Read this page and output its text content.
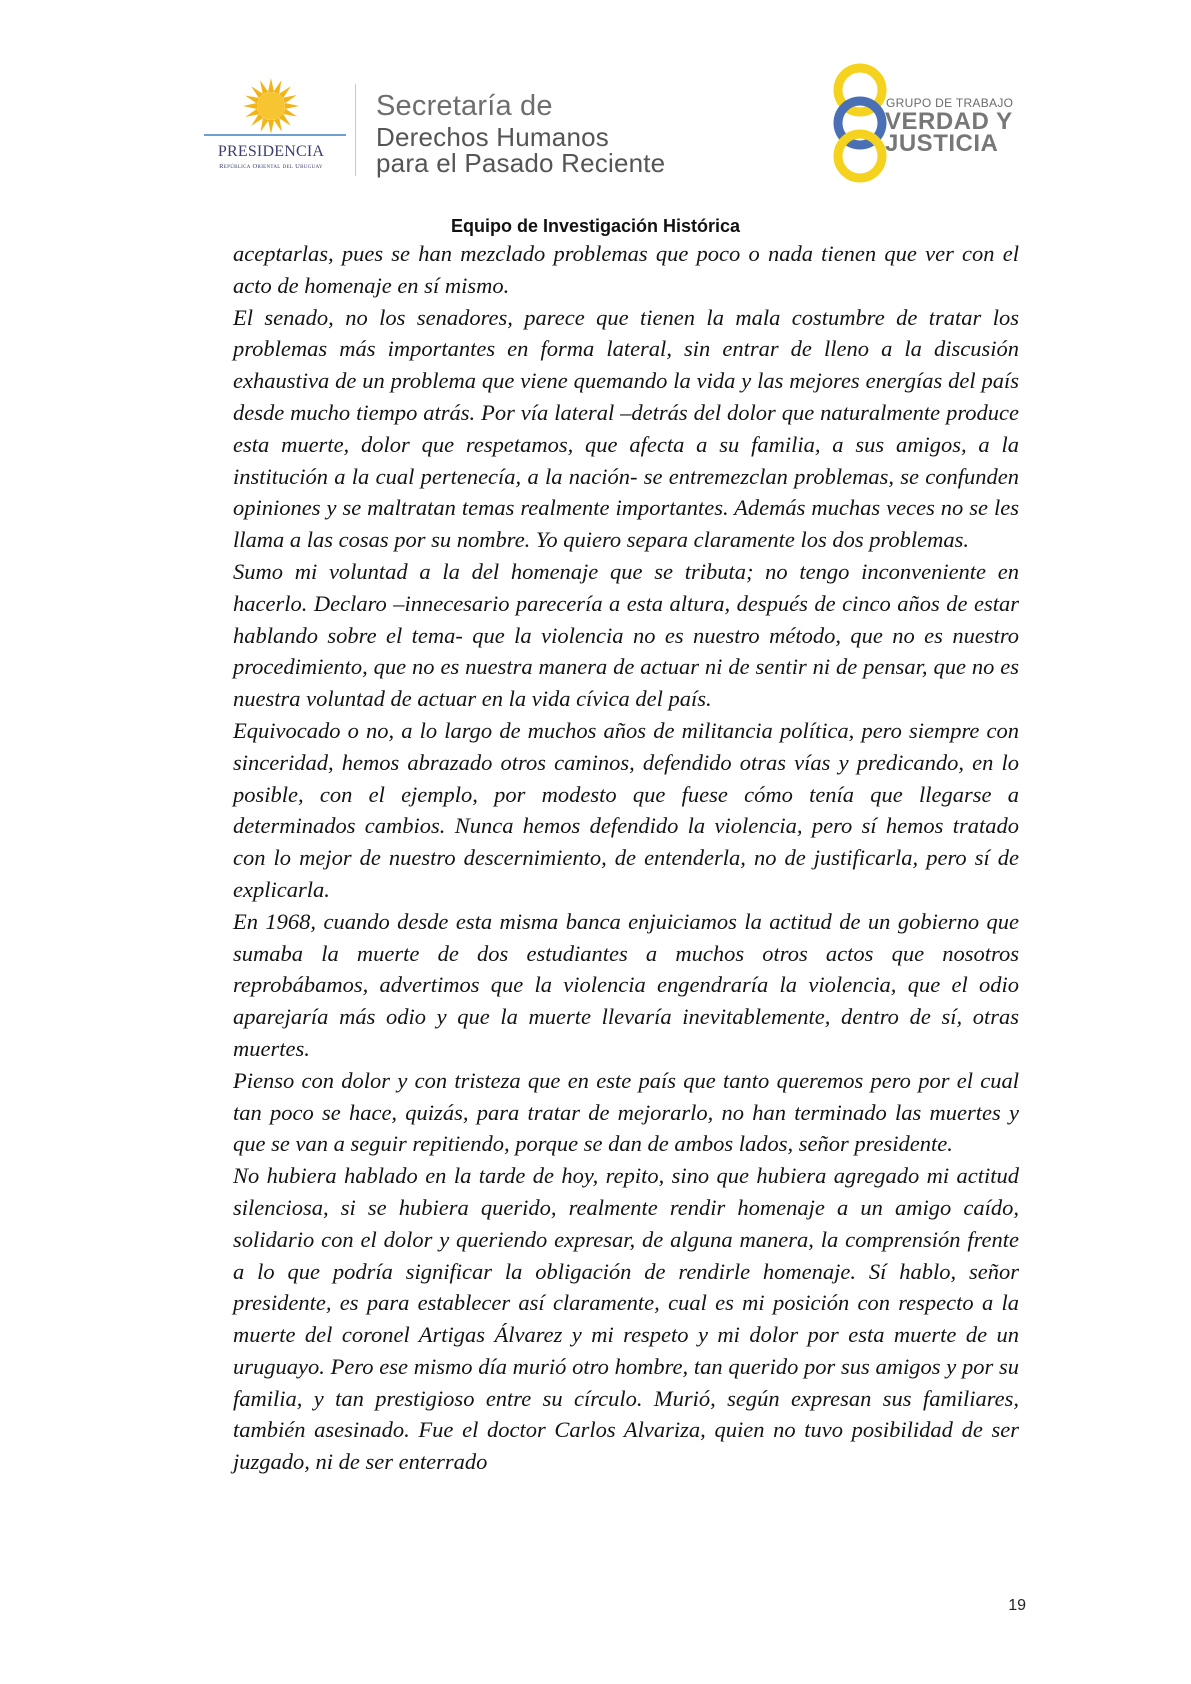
PRESIDENCIA
República Oriental del Uruguay
Secretaría de
Derechos Humanos
para el Pasado Reciente
GRUPO DE TRABAJO
VERDAD Y
JUSTICIA
Equipo de Investigación Histórica

aceptarlas, pues se han mezclado problemas que poco o nada tienen que ver con el acto de homenaje en sí mismo.

El senado, no los senadores, parece que tienen la mala costumbre de tratar los problemas más importantes en forma lateral, sin entrar de lleno a la discusión exhaustiva de un problema que viene quemando la vida y las mejores energías del país desde mucho tiempo atrás. Por vía lateral –detrás del dolor que naturalmente produce esta muerte, dolor que respetamos, que afecta a su familia, a sus amigos, a la institución a la cual pertenecía, a la nación- se entremezclan problemas, se confunden opiniones y se maltratan temas realmente importantes. Además muchas veces no se les llama a las cosas por su nombre. Yo quiero separa claramente los dos problemas.

Sumo mi voluntad a la del homenaje que se tributa; no tengo inconveniente en hacerlo. Declaro –innecesario parecería a esta altura, después de cinco años de estar hablando sobre el tema- que la violencia no es nuestro método, que no es nuestro procedimiento, que no es nuestra manera de actuar ni de sentir ni de pensar, que no es nuestra voluntad de actuar en la vida cívica del país.

Equivocado o no, a lo largo de muchos años de militancia política, pero siempre con sinceridad, hemos abrazado otros caminos, defendido otras vías y predicando, en lo posible, con el ejemplo, por modesto que fuese cómo tenía que llegarse a determinados cambios. Nunca hemos defendido la violencia, pero sí hemos tratado con lo mejor de nuestro descernimiento, de entenderla, no de justificarla, pero sí de explicarla.

En 1968, cuando desde esta misma banca enjuiciamos la actitud de un gobierno que sumaba la muerte de dos estudiantes a muchos otros actos que nosotros reprobábamos, advertimos que la violencia engendraría la violencia, que el odio aparejaría más odio y que la muerte llevaría inevitablemente, dentro de sí, otras muertes.

Pienso con dolor y con tristeza que en este país que tanto queremos pero por el cual tan poco se hace, quizás, para tratar de mejorarlo, no han terminado las muertes y que se van a seguir repitiendo, porque se dan de ambos lados, señor presidente.

No hubiera hablado en la tarde de hoy, repito, sino que hubiera agregado mi actitud silenciosa, si se hubiera querido, realmente rendir homenaje a un amigo caído, solidario con el dolor y queriendo expresar, de alguna manera, la comprensión frente a lo que podría significar la obligación de rendirle homenaje. Sí hablo, señor presidente, es para establecer así claramente, cual es mi posición con respecto a la muerte del coronel Artigas Álvarez y mi respeto y mi dolor por esta muerte de un uruguayo. Pero ese mismo día murió otro hombre, tan querido por sus amigos y por su familia, y tan prestigioso entre su círculo. Murió, según expresan sus familiares, también asesinado. Fue el doctor Carlos Alvariza, quien no tuvo posibilidad de ser juzgado, ni de ser enterrado

19
